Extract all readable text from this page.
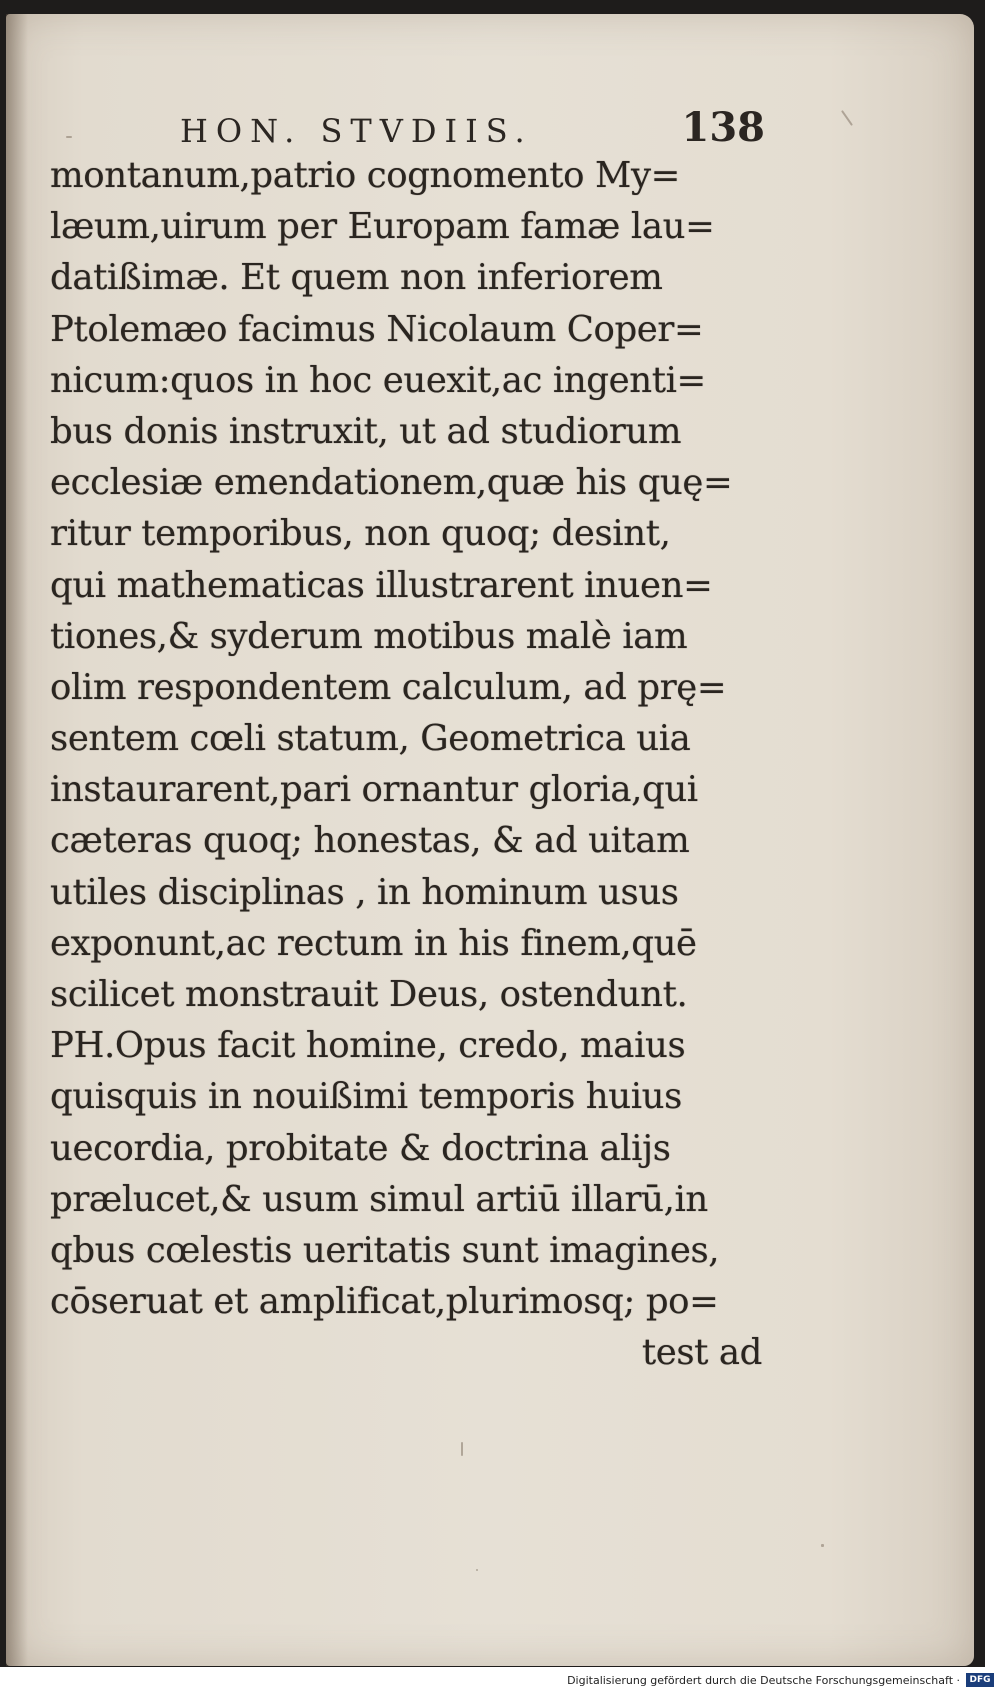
HON. STVDIIS.	138
montanum,patrio cognomento My=
læum,uirum per Europam famæ lau=
datißimæ. Et quem non inferiorem
Ptolemæo facimus Nicolaum Coper=
nicum:quos in hoc euexit,ac ingenti=
bus donis instruxit, ut ad studiorum
ecclesiæ emendationem,quæ his quę=
ritur temporibus, non quoq; desint,
qui mathematicas illustrarent inuen=
tiones,& syderum motibus malè iam
olim respondentem calculum, ad prę=
sentem cœli statum, Geometrica uia
instaurarent,pari ornantur gloria,qui
cæteras quoq; honestas, & ad uitam
utiles disciplinas , in hominum usus
exponunt,ac rectum in his finem,quē
scilicet monstrauit Deus, ostendunt.
PH.Opus facit homine, credo, maius
quisquis in nouißimi temporis huius
uecordia, probitate & doctrina alijs
prælucet,& usum simul artiū illarū,in
qbus cœlestis ueritatis sunt imagines,
cōseruat et amplificat,plurimosq; po=
test ad
Digitalisierung gefördert durch die Deutsche Forschungsgemeinschaft ·	DFG
